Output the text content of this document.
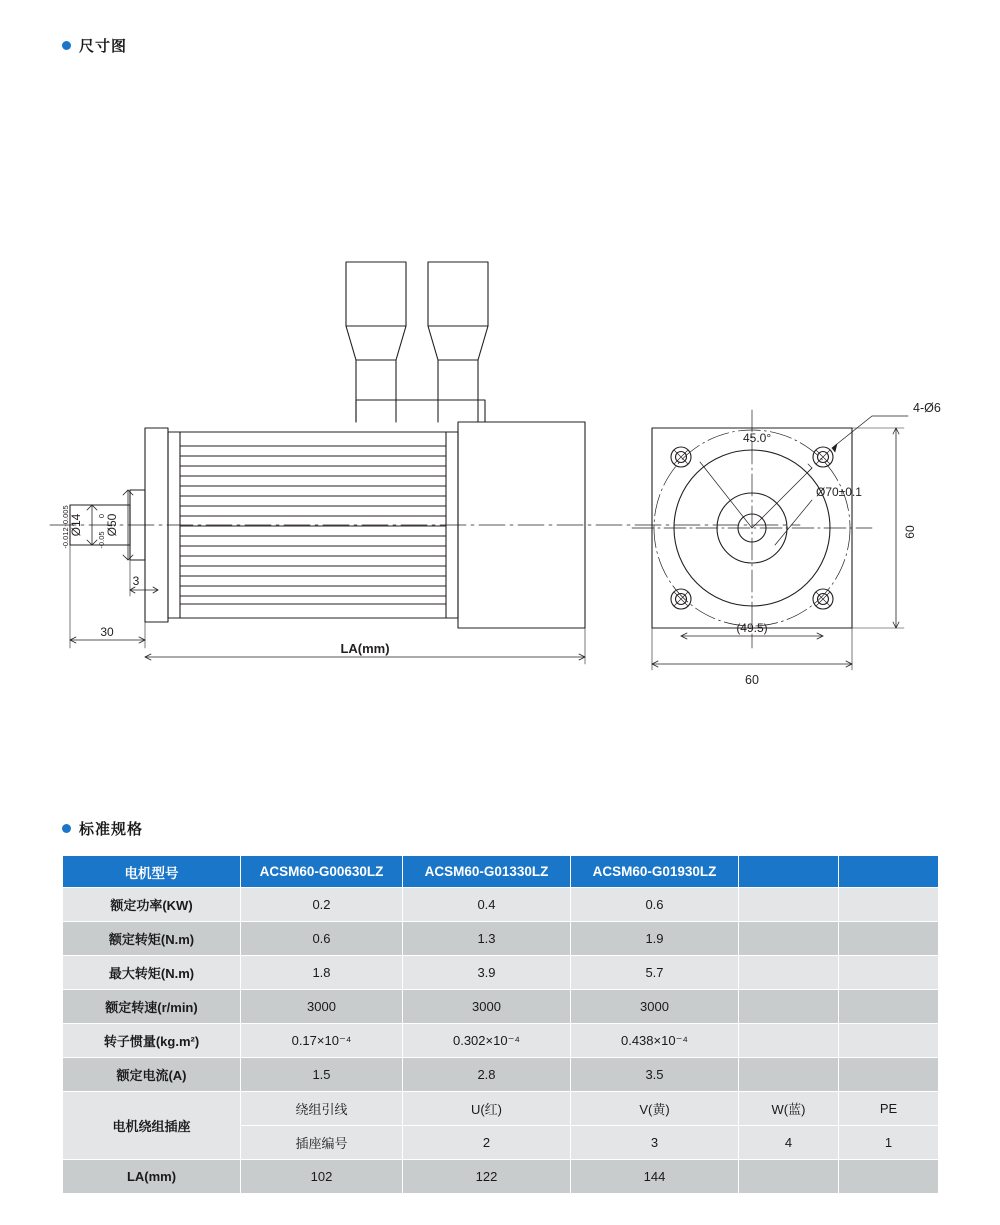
尺寸图
Ø14
-0.005
-0.012
Ø50
0
-0.05
3
30
LA(mm)
4-Ø6
45.0°
Ø70±0.1
60
(49.5)
60
标准规格
电机型号	ACSM60-G00630LZ	ACSM60-G01330LZ	ACSM60-G01930LZ		
额定功率(KW)	0.2	0.4	0.6		
额定转矩(N.m)	0.6	1.3	1.9		
最大转矩(N.m)	1.8	3.9	5.7		
额定转速(r/min)	3000	3000	3000		
转子惯量(kg.m²)	0.17×10⁻⁴	0.302×10⁻⁴	0.438×10⁻⁴		
额定电流(A)	1.5	2.8	3.5		
电机绕组插座	绕组引线	U(红)	V(黄)	W(蓝)	PE
	插座编号	2	3	4	1
LA(mm)	102	122	144		
